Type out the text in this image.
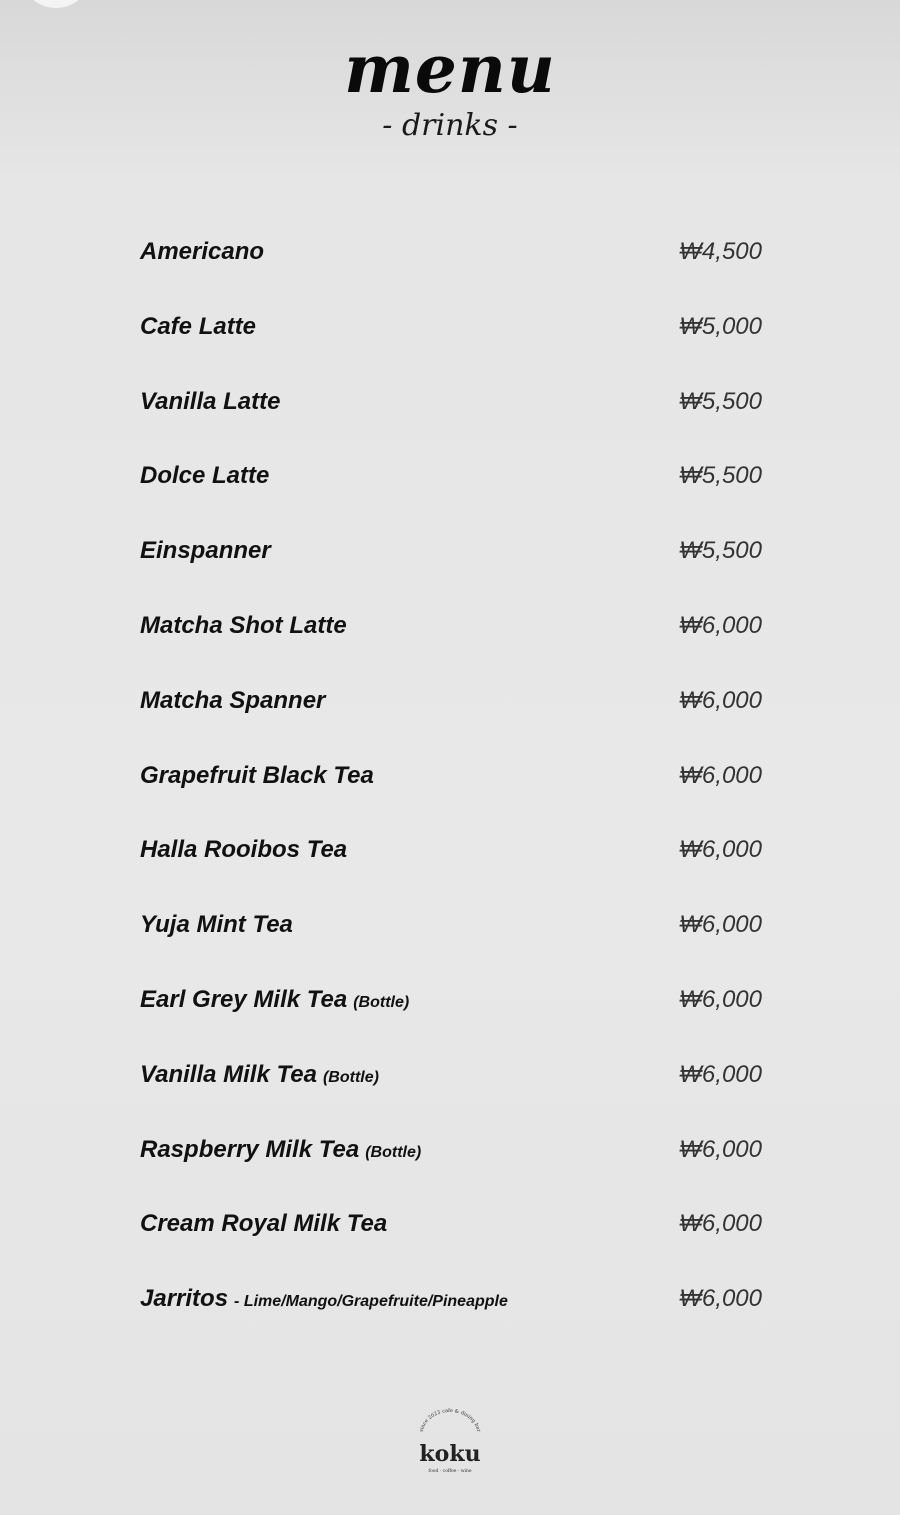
menu
- drinks -
Americano	₩4,500
Cafe Latte	₩5,000
Vanilla Latte	₩5,500
Dolce Latte	₩5,500
Einspanner	₩5,500
Matcha Shot Latte	₩6,000
Matcha Spanner	₩6,000
Grapefruit Black Tea	₩6,000
Halla Rooibos Tea	₩6,000
Yuja Mint Tea	₩6,000
Earl Grey Milk Tea (Bottle)	₩6,000
Vanilla Milk Tea (Bottle)	₩6,000
Raspberry Milk Tea (Bottle)	₩6,000
Cream Royal Milk Tea	₩6,000
Jarritos - Lime/Mango/Grapefruite/Pineapple	₩6,000
since 2023 cafe & dining bar
koku
food · coffee · wine
